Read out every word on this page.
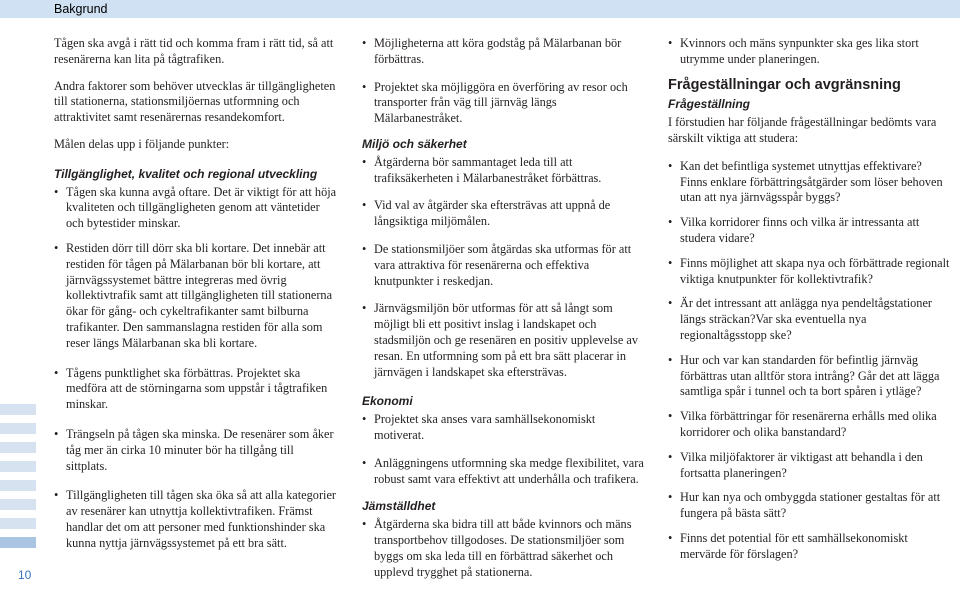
Bakgrund
10

Tågen ska avgå i rätt tid och komma fram i rätt tid, så att resenärerna kan lita på tågtrafiken.

Andra faktorer som behöver utvecklas är tillgängligheten till stationerna, stationsmiljöernas utformning och attraktivitet samt resenärernas resandekomfort.

Målen delas upp i följande punkter:

Tillgänglighet, kvalitet och regional utveckling
• Tågen ska kunna avgå oftare. Det är viktigt för att höja kvaliteten och tillgängligheten genom att väntetider och bytestider minskar.
• Restiden dörr till dörr ska bli kortare. Det innebär att restiden för tågen på Mälarbanan bör bli kortare, att järnvägssystemet bättre integreras med övrig kollektivtrafik samt att tillgängligheten till stationerna ökar för gång- och cykeltrafikanter samt bilburna trafikanter. Den sammanslagna restiden för alla som reser längs Mälarbanan ska bli kortare.
• Tågens punktlighet ska förbättras. Projektet ska medföra att de störningarna som uppstår i tågtrafiken minskar.
• Trängseln på tågen ska minska. De resenärer som åker tåg mer än cirka 10 minuter bör ha tillgång till sittplats.
• Tillgängligheten till tågen ska öka så att alla kategorier av resenärer kan utnyttja kollektivtrafiken. Främst handlar det om att personer med funktionshinder ska kunna nyttja järnvägssystemet på ett bra sätt.
• Möjligheterna att köra godståg på Mälarbanan bör förbättras.
• Projektet ska möjliggöra en överföring av resor och transporter från väg till järnväg längs Mälarbanestråket.
Miljö och säkerhet
• Åtgärderna bör sammantaget leda till att trafiksäkerheten i Mälarbanestråket förbättras.
• Vid val av åtgärder ska eftersträvas att uppnå de långsiktiga miljömålen.
• De stationsmiljöer som åtgärdas ska utformas för att vara attraktiva för resenärerna och effektiva knutpunkter i reskedjan.
• Järnvägsmiljön bör utformas för att så långt som möjligt bli ett positivt inslag i landskapet och stadsmiljön och ge resenären en positiv upplevelse av resan. En utformning som på ett bra sätt placerar in järnvägen i landskapet ska eftersträvas.
Ekonomi
• Projektet ska anses vara samhällsekonomiskt motiverat.
• Anläggningens utformning ska medge flexibilitet, vara robust samt vara effektivt att underhålla och trafikera.
Jämställdhet
• Åtgärderna ska bidra till att både kvinnors och mäns transportbehov tillgodoses. De stationsmiljöer som byggs om ska leda till en förbättrad säkerhet och upplevd trygghet på stationerna.
• Kvinnors och mäns synpunkter ska ges lika stort utrymme under planeringen.
Frågeställningar och avgränsning
Frågeställning

I förstudien har följande frågeställningar bedömts vara särskilt viktiga att studera:

• Kan det befintliga systemet utnyttjas effektivare? Finns enklare förbättringsåtgärder som löser behoven utan att nya järnvägsspår byggs?
• Vilka korridorer finns och vilka är intressanta att studera vidare?
• Finns möjlighet att skapa nya och förbättrade regionalt viktiga knutpunkter för kollektivtrafik?
• Är det intressant att anlägga nya pendeltågstationer längs sträckan?Var ska eventuella nya regionaltågsstopp ske?
• Hur och var kan standarden för befintlig järnväg förbättras utan alltför stora intrång? Går det att lägga samtliga spår i tunnel och ta bort spåren i ytläge?
• Vilka förbättringar för resenärerna erhålls med olika korridorer och olika banstandard?
• Vilka miljöfaktorer är viktigast att behandla i den fortsatta planeringen?
• Hur kan nya och ombyggda stationer gestaltas för att fungera på bästa sätt?
• Finns det potential för ett samhällsekonomiskt mervärde för förslagen?
